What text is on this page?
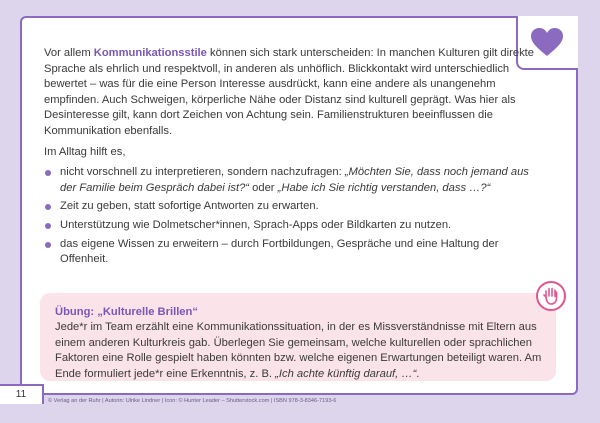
Vor allem Kommunikationsstile können sich stark unterscheiden: In manchen Kulturen gilt direkte Sprache als ehrlich und respektvoll, in anderen als unhöflich. Blickkontakt wird unterschiedlich bewertet – was für die eine Person Interesse ausdrückt, kann eine andere als unangenehm empfinden. Auch Schweigen, körperliche Nähe oder Distanz sind kulturell geprägt. Was hier als Desinteresse gilt, kann dort Zeichen von Achtung sein. Familienstrukturen beeinflussen die Kommunikation ebenfalls.

Im Alltag hilft es,

nicht vorschnell zu interpretieren, sondern nachzufragen: „Möchten Sie, dass noch jemand aus der Familie beim Gespräch dabei ist?“ oder „Habe ich Sie richtig verstanden, dass …?“
Zeit zu geben, statt sofortige Antworten zu erwarten.
Unterstützung wie Dolmetscher*innen, Sprach-Apps oder Bildkarten zu nutzen.
das eigene Wissen zu erweitern – durch Fortbildungen, Gespräche und eine Haltung der Offenheit.
Übung: „Kulturelle Brillen“
Jede*r im Team erzählt eine Kommunikationssituation, in der es Missverständnisse mit Eltern aus einem anderen Kulturkreis gab. Überlegen Sie gemeinsam, welche kulturellen oder sprachlichen Faktoren eine Rolle gespielt haben könnten bzw. welche eigenen Erwartungen beteiligt waren. Am Ende formuliert jede*r eine Erkenntnis, z. B. „Ich achte künftig darauf, …“.
11
© Verlag an der Ruhr | Autorin: Ulrike Lindner | Icon: © Hunter Leader – Shutterstock.com | ISBN 978-3-8346-7193-6
